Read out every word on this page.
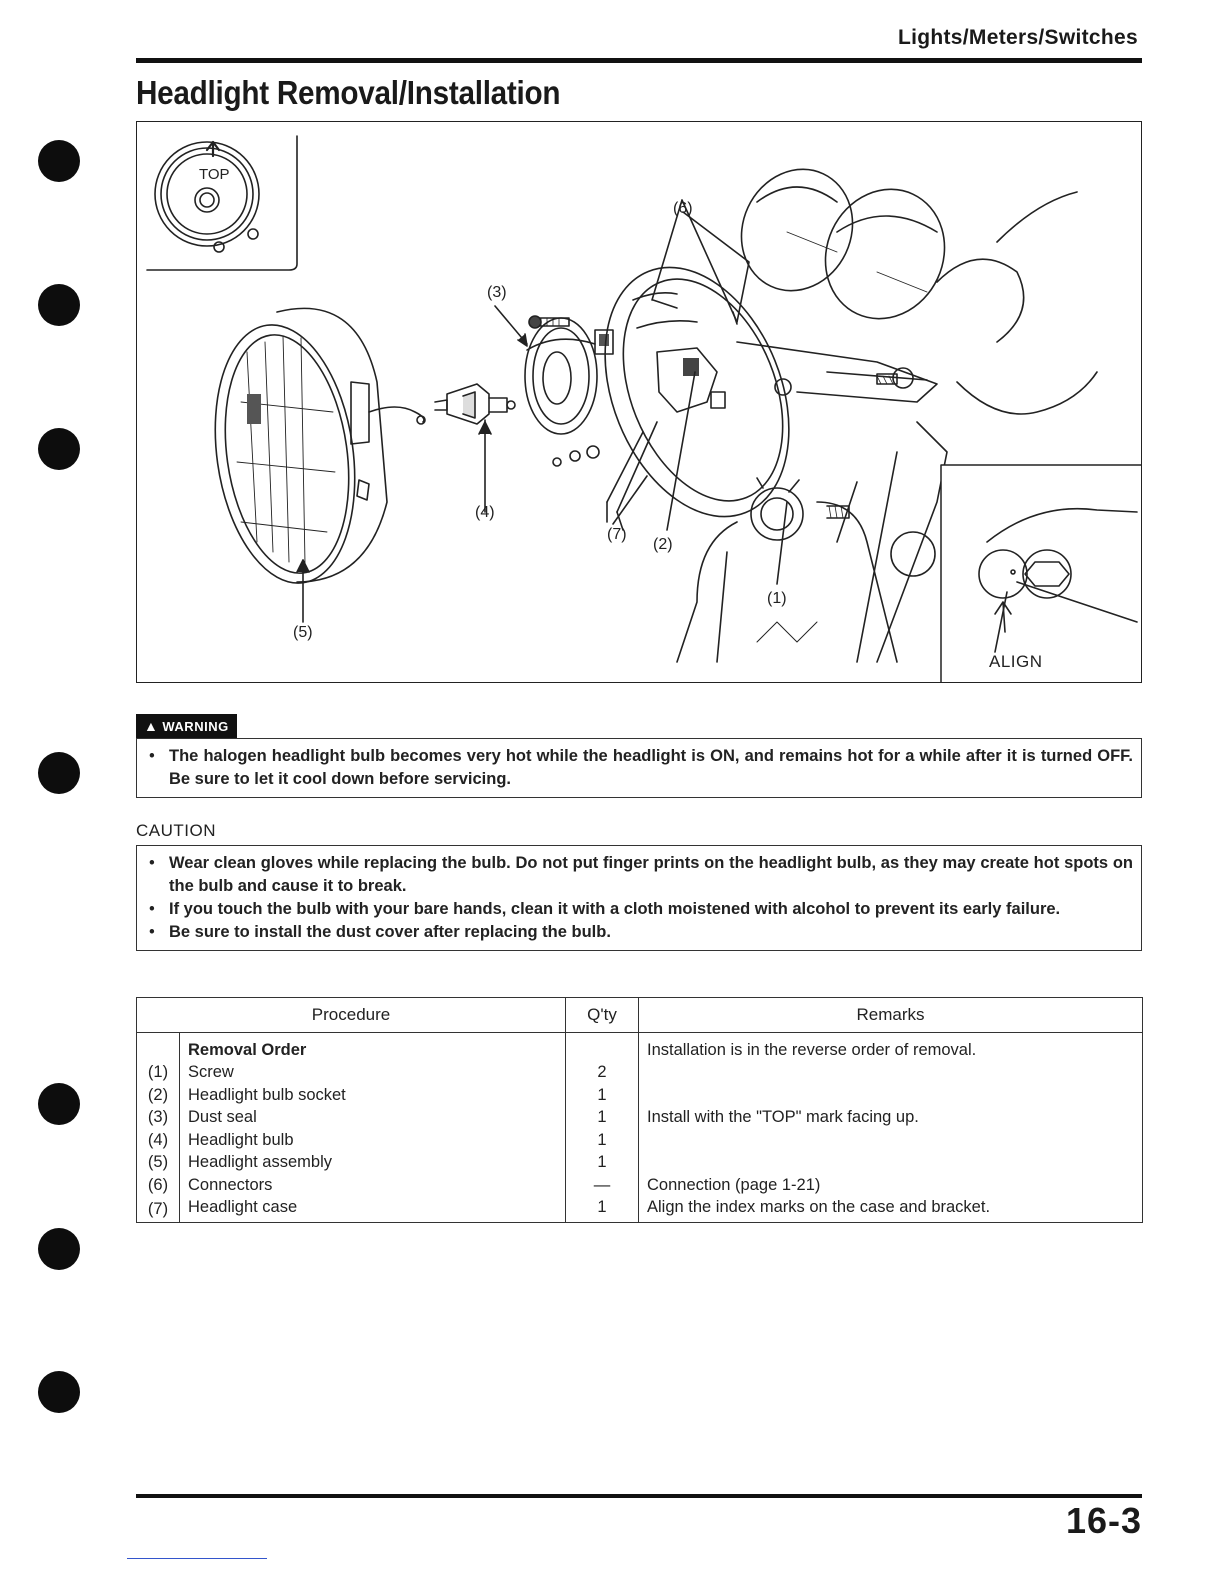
Lights/Meters/Switches
Headlight Removal/Installation
(6)
(3)
(4)
(7)
(2)
(1)
(5)
TOP
ALIGN
▲ WARNING
• The halogen headlight bulb becomes very hot while the headlight is ON, and remains hot for a while after it is turned OFF. Be sure to let it cool down before servicing.
CAUTION
• Wear clean gloves while replacing the bulb. Do not put finger prints on the headlight bulb, as they may create hot spots on the bulb and cause it to break.
• If you touch the bulb with your bare hands, clean it with a cloth moistened with alcohol to prevent its early failure.
• Be sure to install the dust cover after replacing the bulb.
Procedure		Q'ty	Remarks
	Removal Order		Installation is in the reverse order of removal.
(1)	Screw	2	
(2)	Headlight bulb socket	1	
(3)	Dust seal	1	Install with the "TOP" mark facing up.
(4)	Headlight bulb	1	
(5)	Headlight assembly	1	
(6)	Connectors	—	Connection (page 1-21)
(7)	Headlight case	1	Align the index marks on the case and bracket.
16-3
